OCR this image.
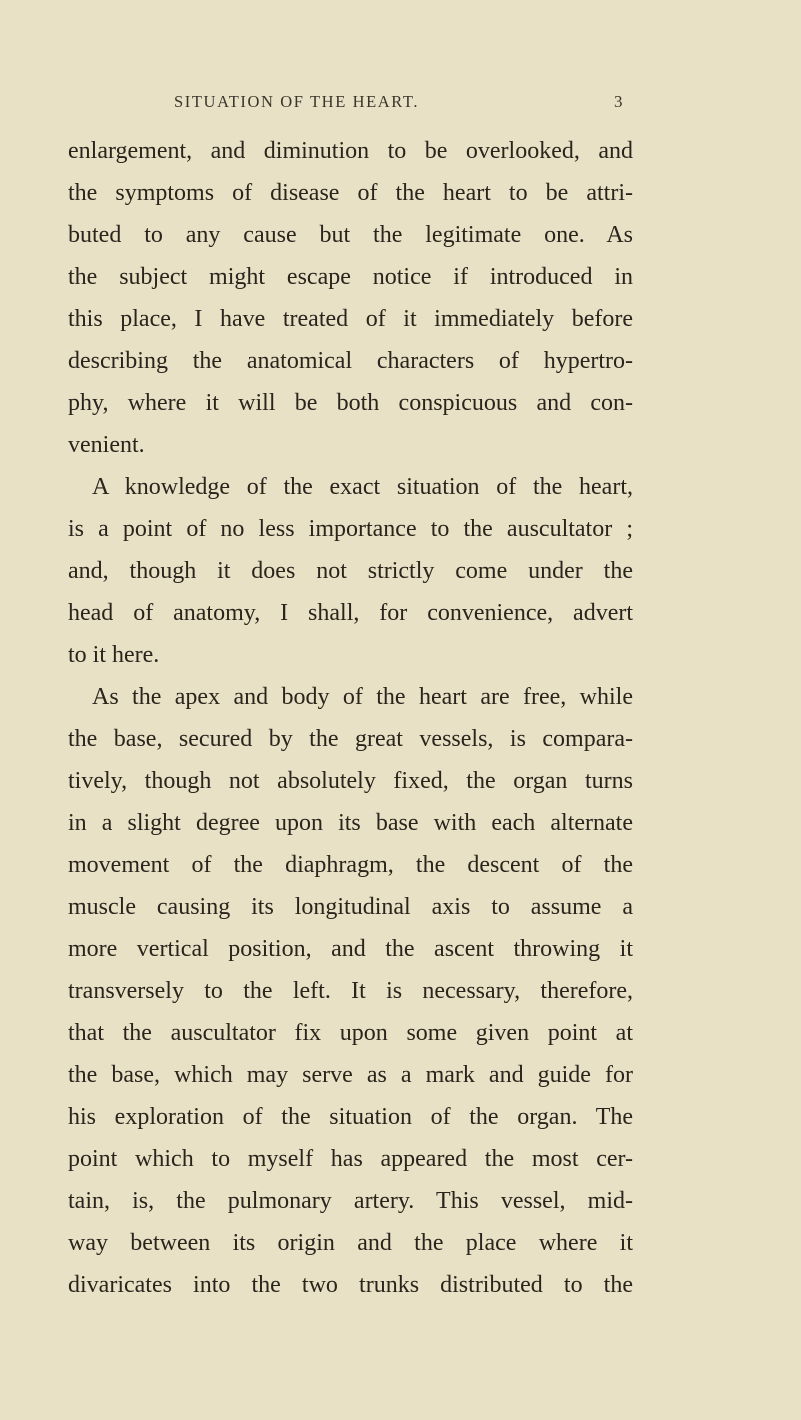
SITUATION OF THE HEART.	3
enlargement, and diminution to be overlooked, and
the symptoms of disease of the heart to be attri-
buted to any cause but the legitimate one. As
the subject might escape notice if introduced in
this place, I have treated of it immediately before
describing the anatomical characters of hypertro-
phy, where it will be both conspicuous and con-
venient.
A knowledge of the exact situation of the heart,
is a point of no less importance to the auscultator ;
and, though it does not strictly come under the
head of anatomy, I shall, for convenience, advert
to it here.
As the apex and body of the heart are free, while
the base, secured by the great vessels, is compara-
tively, though not absolutely fixed, the organ turns
in a slight degree upon its base with each alternate
movement of the diaphragm, the descent of the
muscle causing its longitudinal axis to assume a
more vertical position, and the ascent throwing it
transversely to the left. It is necessary, therefore,
that the auscultator fix upon some given point at
the base, which may serve as a mark and guide for
his exploration of the situation of the organ. The
point which to myself has appeared the most cer-
tain, is, the pulmonary artery. This vessel, mid-
way between its origin and the place where it
divaricates into the two trunks distributed to the
